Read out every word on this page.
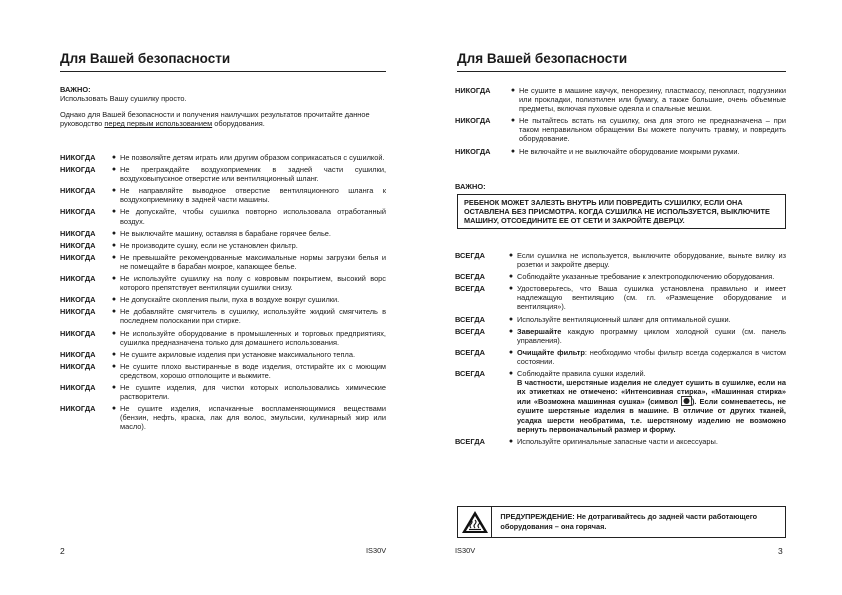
Для Вашей безопасности
ВАЖНО:

Использовать Вашу сушилку просто.

Однако для Вашей безопасности и получения наилучших результатов прочитайте данное руководство перед первым использованием оборудования.

НИКОГДА	● Не позволяйте детям играть или другим образом соприкасаться с сушилкой.
НИКОГДА	● Не преграждайте воздухоприемник в задней части сушилки, воздуховыпускное отверстие или вентиляционный шланг.
НИКОГДА	● Не направляйте выводное отверстие вентиляционного шланга к воздухоприемнику в задней части машины.
НИКОГДА	● Не допускайте, чтобы сушилка повторно использовала отработанный воздух.
НИКОГДА	● Не выключайте машину, оставляя в барабане горячее белье.
НИКОГДА	● Не производите сушку, если не установлен фильтр.
НИКОГДА	● Не превышайте рекомендованные максимальные нормы загрузки белья и не помещайте в барабан мокрое, капающее белье.
НИКОГДА	● Не используйте сушилку на полу с ковровым покрытием, высокий ворс которого препятствует вентиляции сушилки снизу.
НИКОГДА	● Не допускайте скопления пыли, пуха в воздухе вокруг сушилки.
НИКОГДА	● Не добавляйте смягчитель в сушилку, используйте жидкий смягчитель в последнем полоскании при стирке.
НИКОГДА	● Не используйте оборудование в промышленных и торговых предприятиях, сушилка предназначена только для домашнего использования.
НИКОГДА	● Не сушите акриловые изделия при установке максимального тепла.
НИКОГДА	● Не сушите плохо выстиранные в воде изделия, отстирайте их с моющим средством, хорошо отполощите и выжмите.
НИКОГДА	● Не сушите изделия, для чистки которых использовались химические растворители.
НИКОГДА	● Не сушите изделия, испачканные воспламеняющимися веществами (бензин, нефть, краска, лак для волос, эмульсии, кулинарный жир или масло).
2	IS30V
Для Вашей безопасности
НИКОГДА	● Не сушите в машине каучук, пенорезину, пластмассу, пенопласт, подгузники или прокладки, полиэтилен или бумагу, а также большие, очень объемные предметы, включая пуховые одеяла и спальные мешки.
НИКОГДА	● Не пытайтесь встать на сушилку, она для этого не предназначена – при таком неправильном обращении Вы можете получить травму, и повредить оборудование.
НИКОГДА	● Не включайте и не выключайте оборудование мокрыми руками.
ВАЖНО:
РЕБЕНОК МОЖЕТ ЗАЛЕЗТЬ ВНУТРЬ ИЛИ ПОВРЕДИТЬ СУШИЛКУ, ЕСЛИ ОНА ОСТАВЛЕНА БЕЗ ПРИСМОТРА. КОГДА СУШИЛКА НЕ ИСПОЛЬЗУЕТСЯ, ВЫКЛЮЧИТЕ МАШИНУ, ОТСОЕДИНИТЕ ЕЕ ОТ СЕТИ И ЗАКРОЙТЕ ДВЕРЦУ.
ВСЕГДА	● Если сушилка не используется, выключите оборудование, выньте вилку из розетки и закройте дверцу.
ВСЕГДА	● Соблюдайте указанные требование к электроподключению оборудования.
ВСЕГДА	● Удостоверьтесь, что Ваша сушилка установлена правильно и имеет надлежащую вентиляцию (см. гл. «Размещение оборудование и вентиляция»).
ВСЕГДА	● Используйте вентиляционный шланг для оптимальной сушки.
ВСЕГДА	● Завершайте каждую программу циклом холодной сушки (см. панель управления).
ВСЕГДА	● Очищайте фильтр: необходимо чтобы фильтр всегда содержался в чистом состоянии.
ВСЕГДА	● Соблюдайте правила сушки изделий.
В частности, шерстяные изделия не следует сушить в сушилке, если на их этикетках не отмечено: «Интенсивная стирка», «Машинная стирка» или «Возможна машинная сушка» (символ ). Если сомневаетесь, не сушите шерстяные изделия в машине. В отличие от других тканей, усадка шерсти необратима, т.е. шерстяному изделию не возможно вернуть первоначальный размер и форму.
ВСЕГДА	● Используйте оригинальные запасные части и аксессуары.
ПРЕДУПРЕЖДЕНИЕ: Не дотрагивайтесь до задней части работающего оборудования – она горячая.
IS30V	3
